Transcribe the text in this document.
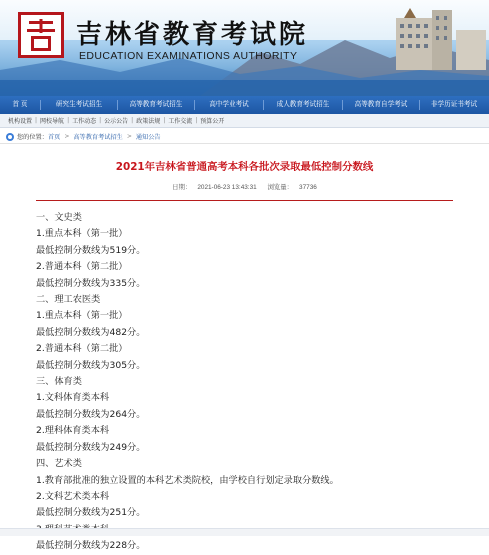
吉林省教育考试院
EDUCATION EXAMINATIONS AUTHORITY
首 页	研究生考试招生	高等教育考试招生	高中学业考试	成人教育考试招生	高等教育自学考试	非学历证书考试
机构设置 | 网校导航 | 工作动态 | 公示公告 | 政策法规 | 工作交流 | 预算公开
您的位置： 首页 > 高等教育考试招生 > 通知公告
2021年吉林省普通高考本科各批次录取最低控制分数线
日期： 2021-06-23 13:43:31 浏览量： 37736
一、文史类
1.重点本科（第一批）
最低控制分数线为519分。
2.普通本科（第二批）
最低控制分数线为335分。
二、理工农医类
1.重点本科（第一批）
最低控制分数线为482分。
2.普通本科（第二批）
最低控制分数线为305分。
三、体育类
1.文科体育类本科
最低控制分数线为264分。
2.理科体育类本科
最低控制分数线为249分。
四、艺术类
1.教育部批准的独立设置的本科艺术类院校，由学校自行划定录取分数线。
2.文科艺术类本科
最低控制分数线为251分。
最低控制分数线为228分。
